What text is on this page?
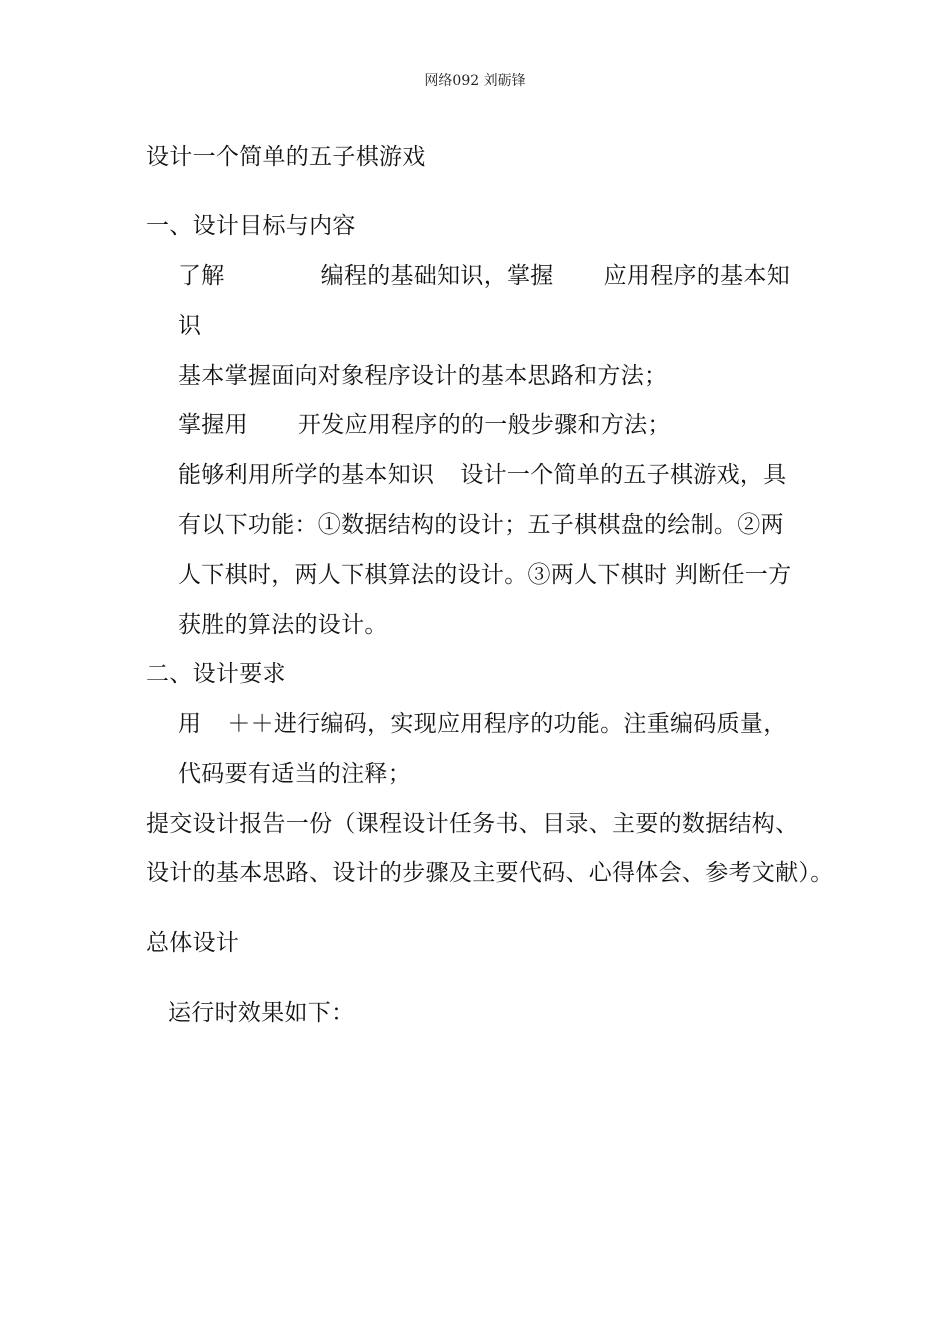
网络092 刘砺锋
设计一个简单的五子棋游戏
一、设计目标与内容
了解	编程的基础知识，掌握 应用程序的基本知
识
基本掌握面向对象程序设计的基本思路和方法；
掌握用 开发应用程序的的一般步骤和方法；
能够利用所学的基本知识 设计一个简单的五子棋游戏，具
有以下功能：①数据结构的设计；五子棋棋盘的绘制。②两
人下棋时，两人下棋算法的设计。③两人下棋时 判断任一方
获胜的算法的设计。
二、设计要求
用 ＋＋进行编码，实现应用程序的功能。注重编码质量，
代码要有适当的注释；
提交设计报告一份（课程设计任务书、目录、主要的数据结构、
设计的基本思路、设计的步骤及主要代码、心得体会、参考文献）。
总体设计
运行时效果如下：
